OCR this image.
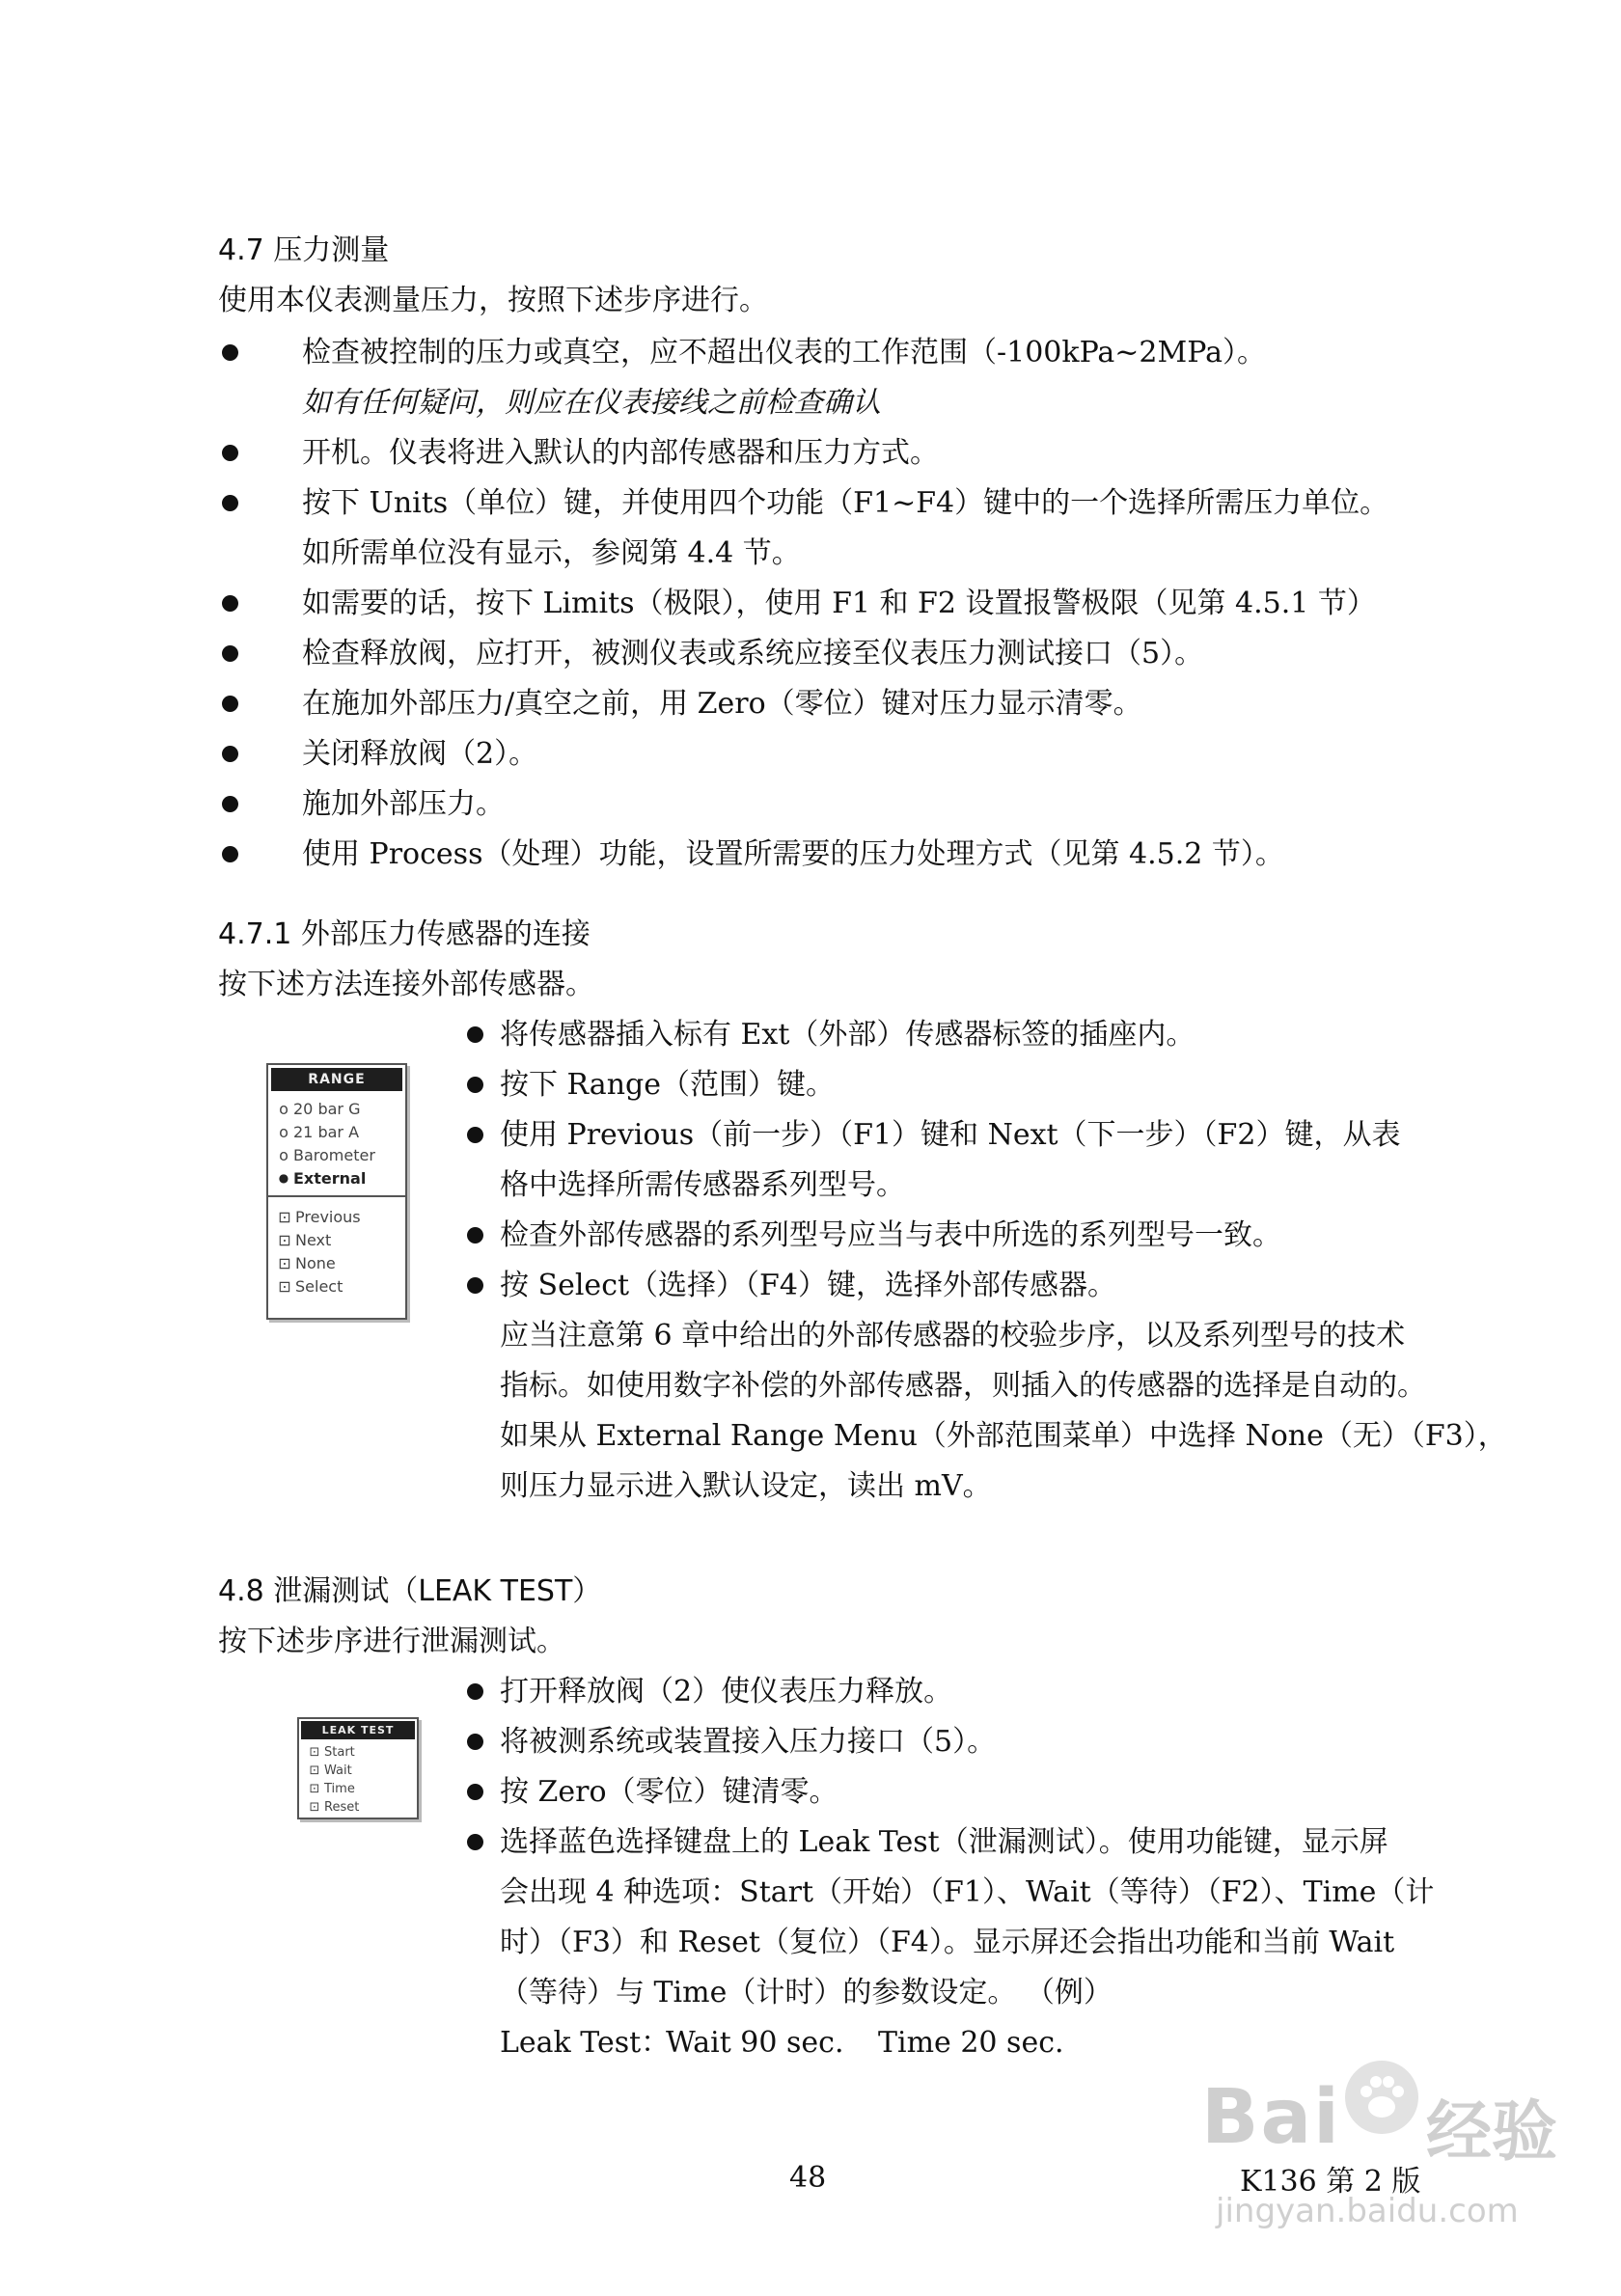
4.7 压力测量
使用本仪表测量压力，按照下述步序进行。
检查被控制的压力或真空，应不超出仪表的工作范围（-100kPa~2MPa）。
如有任何疑问，则应在仪表接线之前检查确认
开机。仪表将进入默认的内部传感器和压力方式。
按下 Units（单位）键，并使用四个功能（F1~F4）键中的一个选择所需压力单位。
如所需单位没有显示，参阅第 4.4 节。
如需要的话，按下 Limits（极限），使用 F1 和 F2 设置报警极限（见第 4.5.1 节）
检查释放阀，应打开，被测仪表或系统应接至仪表压力测试接口（5）。
在施加外部压力/真空之前，用 Zero（零位）键对压力显示清零。
关闭释放阀（2）。
施加外部压力。
使用 Process（处理）功能，设置所需要的压力处理方式（见第 4.5.2 节）。
4.7.1 外部压力传感器的连接
按下述方法连接外部传感器。
RANGE
o 20 bar G
o 21 bar A
o Barometer
● External
⊡ Previous
⊡ Next
⊡ None
⊡ Select
将传感器插入标有 Ext（外部）传感器标签的插座内。
按下 Range（范围）键。
使用 Previous（前一步）（F1）键和 Next（下一步）（F2）键，从表
格中选择所需传感器系列型号。
检查外部传感器的系列型号应当与表中所选的系列型号一致。
按 Select（选择）（F4）键，选择外部传感器。
应当注意第 6 章中给出的外部传感器的校验步序，以及系列型号的技术
指标。如使用数字补偿的外部传感器，则插入的传感器的选择是自动的。
如果从 External Range Menu（外部范围菜单）中选择 None（无）（F3），
则压力显示进入默认设定，读出 mV。
4.8 泄漏测试（LEAK TEST）
按下述步序进行泄漏测试。
LEAK TEST
⊡ Start
⊡ Wait
⊡ Time
⊡ Reset
打开释放阀（2）使仪表压力释放。
将被测系统或装置接入压力接口（5）。
按 Zero（零位）键清零。
选择蓝色选择键盘上的 Leak Test（泄漏测试）。使用功能键，显示屏
会出现 4 种选项：Start（开始）（F1）、Wait（等待）（F2）、Time（计
时）（F3）和 Reset（复位）（F4）。显示屏还会指出功能和当前 Wait
（等待）与 Time（计时）的参数设定。 （例）
Leak Test：
Wait 90 sec. Time 20 sec.
48	K136 第 2 版
Bai 经验
jingyan.baidu.com
